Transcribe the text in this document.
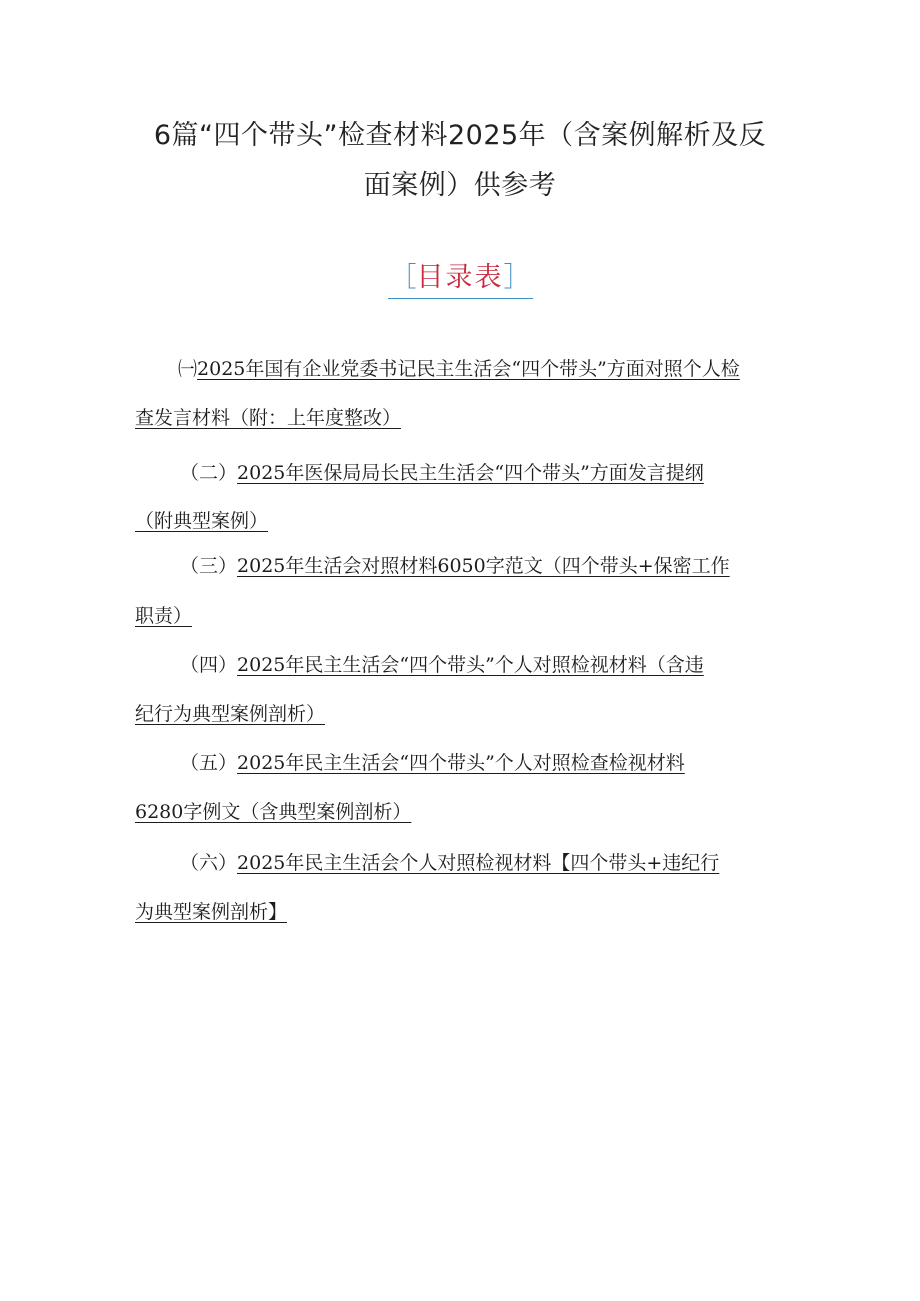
6篇“四个带头”检查材料2025年（含案例解析及反
面案例）供参考
［目录表］
㈠2025年国有企业党委书记民主生活会“四个带头”方面对照个人检
查发言材料（附：上年度整改）
（二）2025年医保局局长民主生活会“四个带头”方面发言提纲
（附典型案例）
（三）2025年生活会对照材料6050字范文（四个带头+保密工作
职责）
（四）2025年民主生活会“四个带头”个人对照检视材料（含违
纪行为典型案例剖析）
（五）2025年民主生活会“四个带头”个人对照检查检视材料
6280字例文（含典型案例剖析）
（六）2025年民主生活会个人对照检视材料【四个带头+违纪行
为典型案例剖析】
